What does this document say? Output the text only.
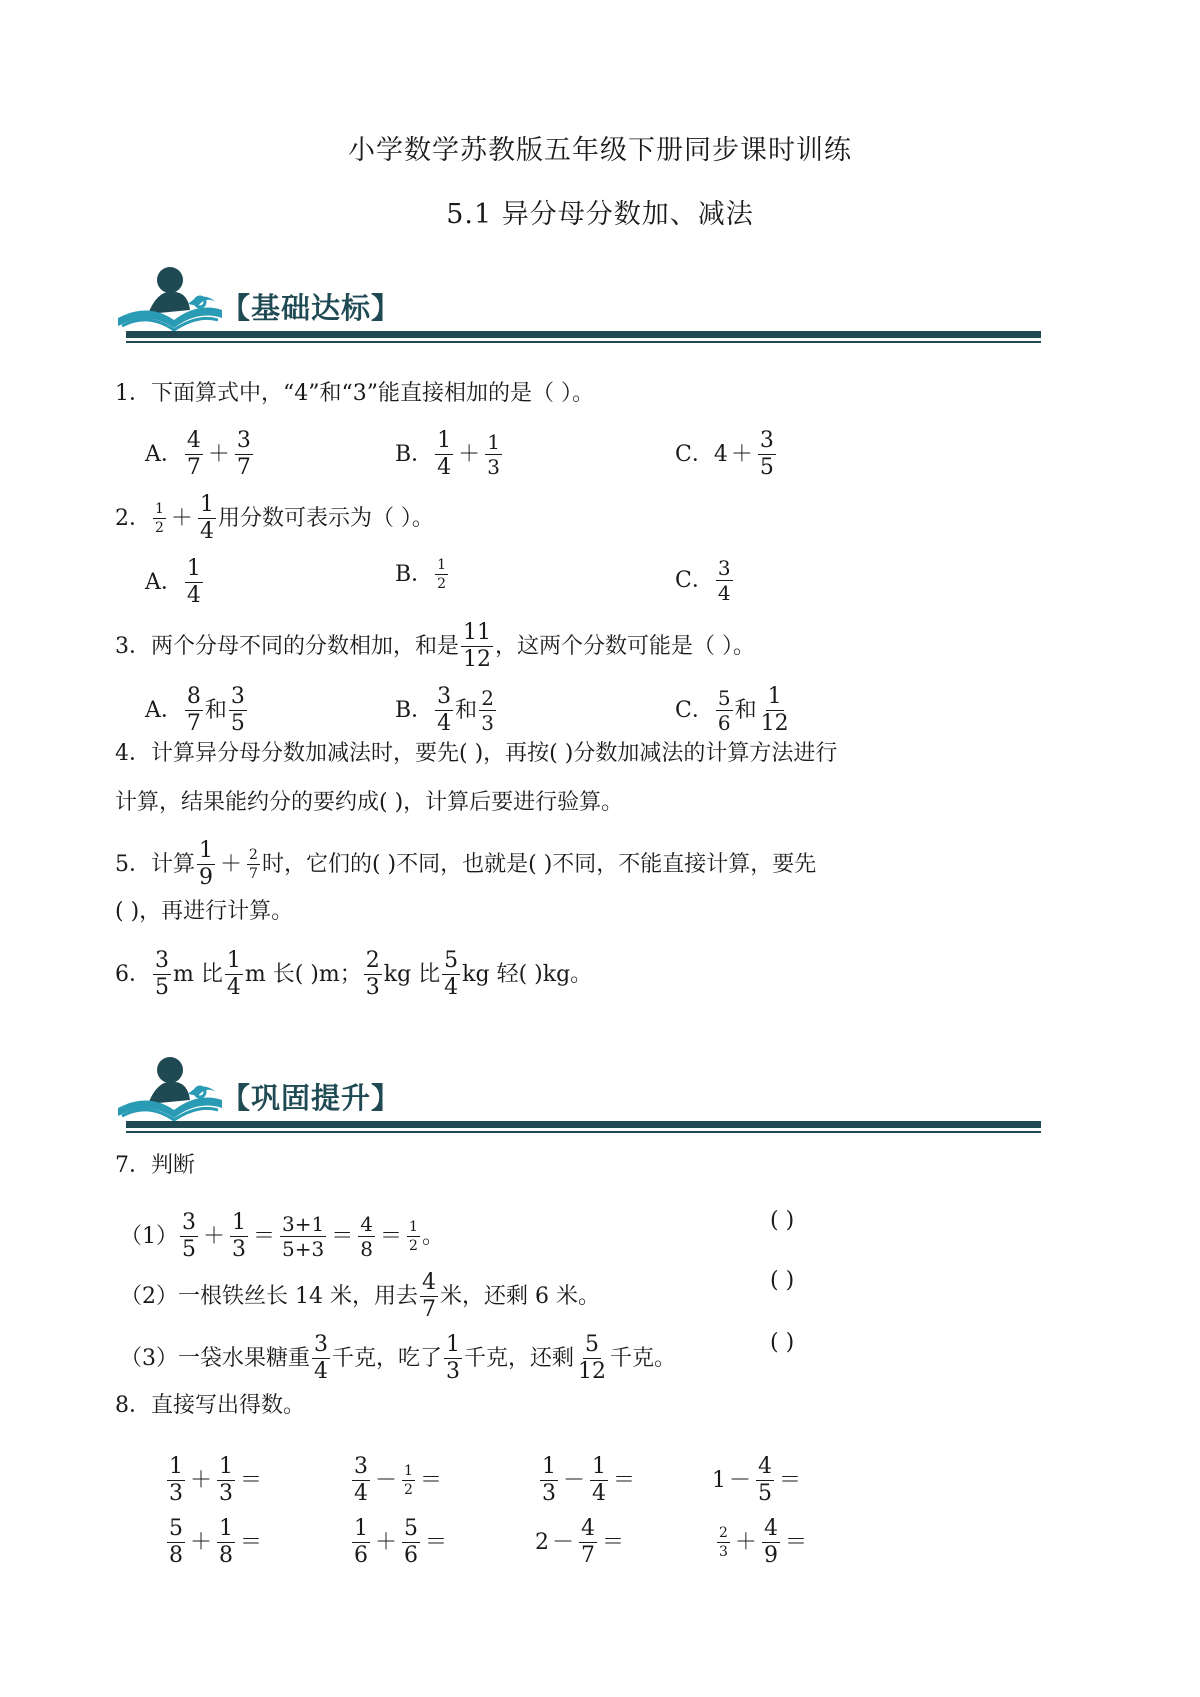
小学数学苏教版五年级下册同步课时训练
5.1 异分母分数加、减法
【基础达标】
1． 下面算式中，“4”和“3”能直接相加的是（ ）。
A． $\frac{4}{7} + \frac{3}{7}$	B． $\frac{1}{4} + \frac{1}{3}$	C． $4 + \frac{3}{5}$
2． $\frac{1}{2} + \frac{1}{4}$ 用分数可表示为（ ）。
A． $\frac{1}{4}$	B． $\frac{1}{2}$	C． $\frac{3}{4}$
3． 两个分母不同的分数相加，和是 $\frac{11}{12}$ ，这两个分数可能是（ ）。
A． $\frac{8}{7}$ 和 $\frac{3}{5}$	B． $\frac{3}{4}$ 和 $\frac{2}{3}$	C． $\frac{5}{6}$ 和 $\frac{1}{12}$
4．计算异分母分数加减法时，要先( )，再按( )分数加减法的计算方法进行
计算，结果能约分的要约成( )，计算后要进行验算。
5． 计算 $\frac{1}{9} + \frac{2}{7}$ 时，它们的( )不同，也就是( )不同，不能直接计算，要先
( )，再进行计算。
6． $\frac{3}{5}$ m 比 $\frac{1}{4}$ m 长( )m； $\frac{2}{3}$ kg 比 $\frac{5}{4}$ kg 轻( )kg。
【巩固提升】
7．判断
$(1) \frac{3}{5} + \frac{1}{3} = \frac{3+1}{5+3} = \frac{4}{8} = \frac{1}{2}$ 。
( )
（2） 一根铁丝长 14 米，用去 $\frac{4}{7}$ 米，还剩 6 米。
( )
（3） 一袋水果糖重 $\frac{3}{4}$ 千克，吃了 $\frac{1}{3}$ 千克，还剩 $\frac{5}{12}$ 千克。
( )
8．直接写出得数。
$\frac{1}{3} + \frac{1}{3}$ ＝	$\frac{3}{4} - \frac{1}{2}$ ＝	$\frac{1}{3} - \frac{1}{4}$ ＝	$1 - \frac{4}{5}$ ＝
$\frac{5}{8} + \frac{1}{8}$ ＝	$\frac{1}{6} + \frac{5}{6}$ ＝	$2 - \frac{4}{7}$ ＝	$\frac{2}{3} + \frac{4}{9}$ ＝
